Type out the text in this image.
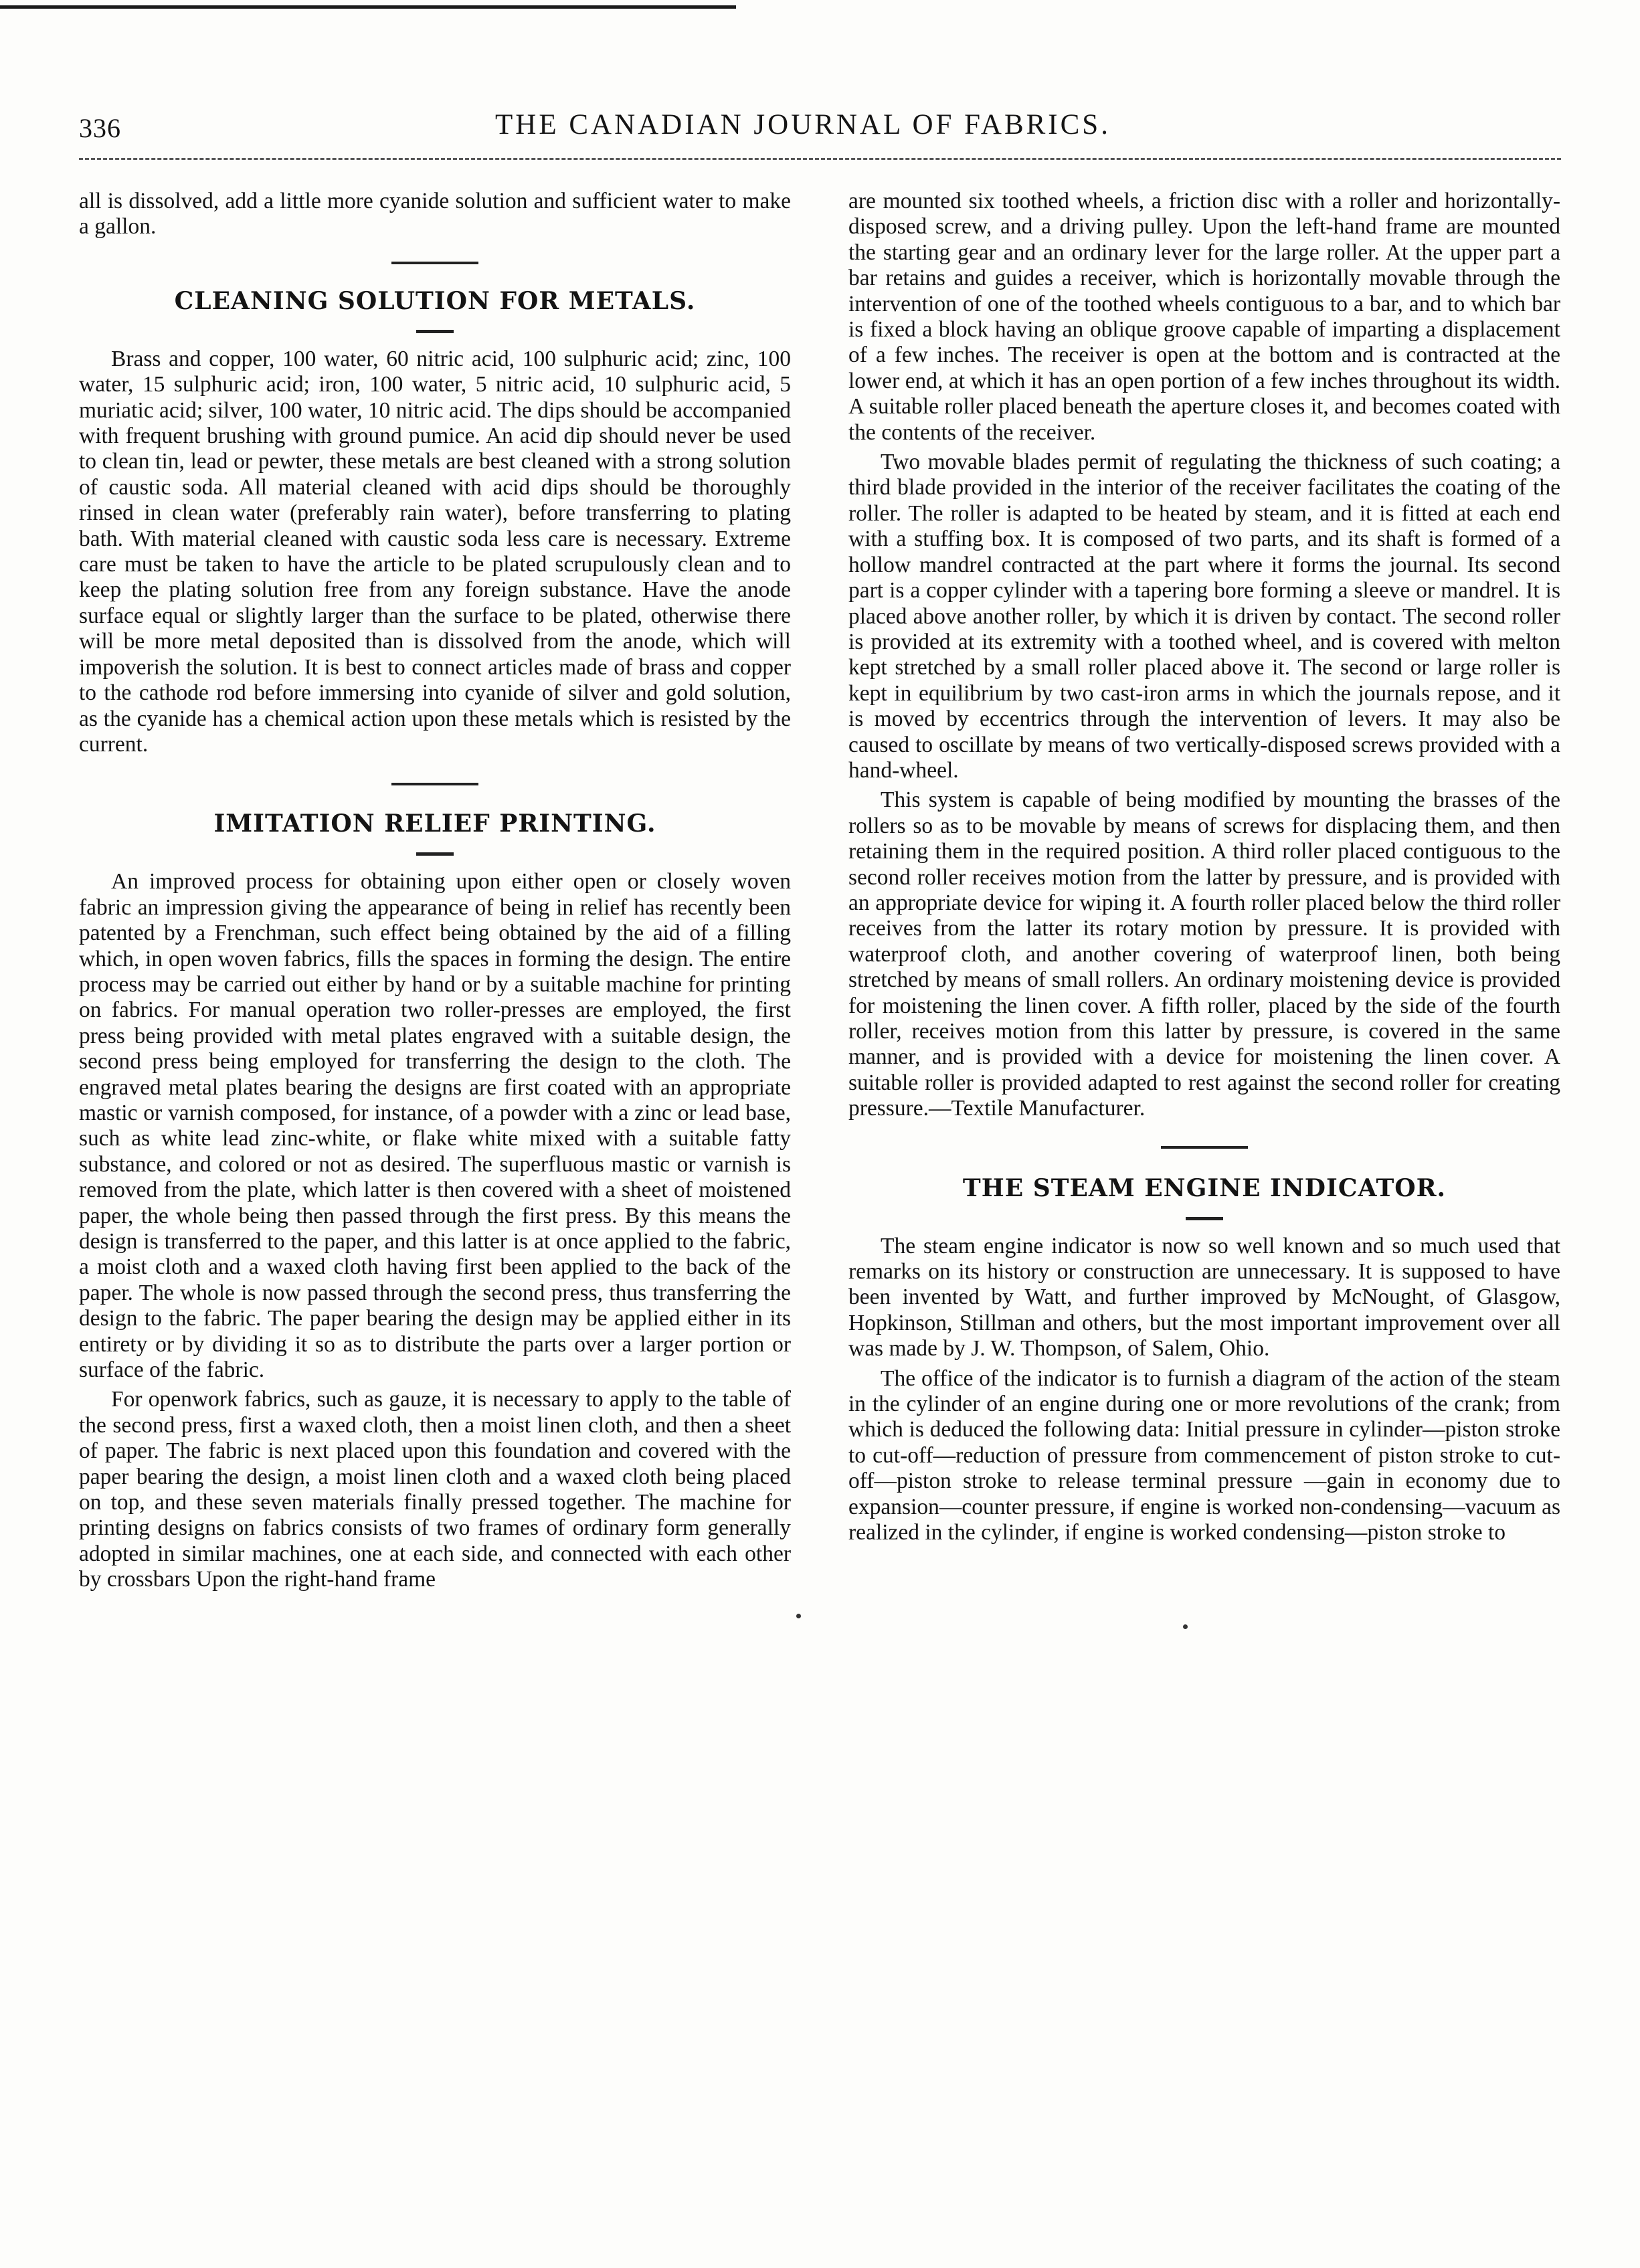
336	THE CANADIAN JOURNAL OF FABRICS.

all is dissolved, add a little more cyanide solution and sufficient water to make a gallon.

CLEANING SOLUTION FOR METALS.

Brass and copper, 100 water, 60 nitric acid, 100 sulphuric acid; zinc, 100 water, 15 sulphuric acid; iron, 100 water, 5 nitric acid, 10 sulphuric acid, 5 muriatic acid; silver, 100 water, 10 nitric acid. The dips should be accompanied with frequent brushing with ground pumice. An acid dip should never be used to clean tin, lead or pewter, these metals are best cleaned with a strong solution of caustic soda. All material cleaned with acid dips should be thoroughly rinsed in clean water (preferably rain water), before transferring to plating bath. With material cleaned with caustic soda less care is necessary. Extreme care must be taken to have the article to be plated scrupulously clean and to keep the plating solution free from any foreign substance. Have the anode surface equal or slightly larger than the surface to be plated, otherwise there will be more metal deposited than is dissolved from the anode, which will impoverish the solution. It is best to connect articles made of brass and copper to the cathode rod before immersing into cyanide of silver and gold solution, as the cyanide has a chemical action upon these metals which is resisted by the current.

IMITATION RELIEF PRINTING.

An improved process for obtaining upon either open or closely woven fabric an impression giving the appearance of being in relief has recently been patented by a Frenchman, such effect being obtained by the aid of a filling which, in open woven fabrics, fills the spaces in forming the design. The entire process may be carried out either by hand or by a suitable machine for printing on fabrics. For manual operation two roller-presses are employed, the first press being provided with metal plates engraved with a suitable design, the second press being employed for transferring the design to the cloth. The engraved metal plates bearing the designs are first coated with an appropriate mastic or varnish composed, for instance, of a powder with a zinc or lead base, such as white lead zinc-white, or flake white mixed with a suitable fatty substance, and colored or not as desired. The superfluous mastic or varnish is removed from the plate, which latter is then covered with a sheet of moistened paper, the whole being then passed through the first press. By this means the design is transferred to the paper, and this latter is at once applied to the fabric, a moist cloth and a waxed cloth having first been applied to the back of the paper. The whole is now passed through the second press, thus transferring the design to the fabric. The paper bearing the design may be applied either in its entirety or by dividing it so as to distribute the parts over a larger portion or surface of the fabric.

For openwork fabrics, such as gauze, it is necessary to apply to the table of the second press, first a waxed cloth, then a moist linen cloth, and then a sheet of paper. The fabric is next placed upon this foundation and covered with the paper bearing the design, a moist linen cloth and a waxed cloth being placed on top, and these seven materials finally pressed together. The machine for printing designs on fabrics consists of two frames of ordinary form generally adopted in similar machines, one at each side, and connected with each other by crossbars Upon the right-hand frame

are mounted six toothed wheels, a friction disc with a roller and horizontally-disposed screw, and a driving pulley. Upon the left-hand frame are mounted the starting gear and an ordinary lever for the large roller. At the upper part a bar retains and guides a receiver, which is horizontally movable through the intervention of one of the toothed wheels contiguous to a bar, and to which bar is fixed a block having an oblique groove capable of imparting a displacement of a few inches. The receiver is open at the bottom and is contracted at the lower end, at which it has an open portion of a few inches throughout its width. A suitable roller placed beneath the aperture closes it, and becomes coated with the contents of the receiver.

Two movable blades permit of regulating the thickness of such coating; a third blade provided in the interior of the receiver facilitates the coating of the roller. The roller is adapted to be heated by steam, and it is fitted at each end with a stuffing box. It is composed of two parts, and its shaft is formed of a hollow mandrel contracted at the part where it forms the journal. Its second part is a copper cylinder with a tapering bore forming a sleeve or mandrel. It is placed above another roller, by which it is driven by contact. The second roller is provided at its extremity with a toothed wheel, and is covered with melton kept stretched by a small roller placed above it. The second or large roller is kept in equilibrium by two cast-iron arms in which the journals repose, and it is moved by eccentrics through the intervention of levers. It may also be caused to oscillate by means of two vertically-disposed screws provided with a hand-wheel.

This system is capable of being modified by mounting the brasses of the rollers so as to be movable by means of screws for displacing them, and then retaining them in the required position. A third roller placed contiguous to the second roller receives motion from the latter by pressure, and is provided with an appropriate device for wiping it. A fourth roller placed below the third roller receives from the latter its rotary motion by pressure. It is provided with waterproof cloth, and another covering of waterproof linen, both being stretched by means of small rollers. An ordinary moistening device is provided for moistening the linen cover. A fifth roller, placed by the side of the fourth roller, receives motion from this latter by pressure, is covered in the same manner, and is provided with a device for moistening the linen cover. A suitable roller is provided adapted to rest against the second roller for creating pressure.—Textile Manufacturer.

THE STEAM ENGINE INDICATOR.

The steam engine indicator is now so well known and so much used that remarks on its history or construction are unnecessary. It is supposed to have been invented by Watt, and further improved by McNought, of Glasgow, Hopkinson, Stillman and others, but the most important improvement over all was made by J. W. Thompson, of Salem, Ohio.

The office of the indicator is to furnish a diagram of the action of the steam in the cylinder of an engine during one or more revolutions of the crank; from which is deduced the following data: Initial pressure in cylinder—piston stroke to cut-off—reduction of pressure from commencement of piston stroke to cut-off—piston stroke to release terminal pressure —gain in economy due to expansion—counter pressure, if engine is worked non-condensing—vacuum as realized in the cylinder, if engine is worked condensing—piston stroke to
